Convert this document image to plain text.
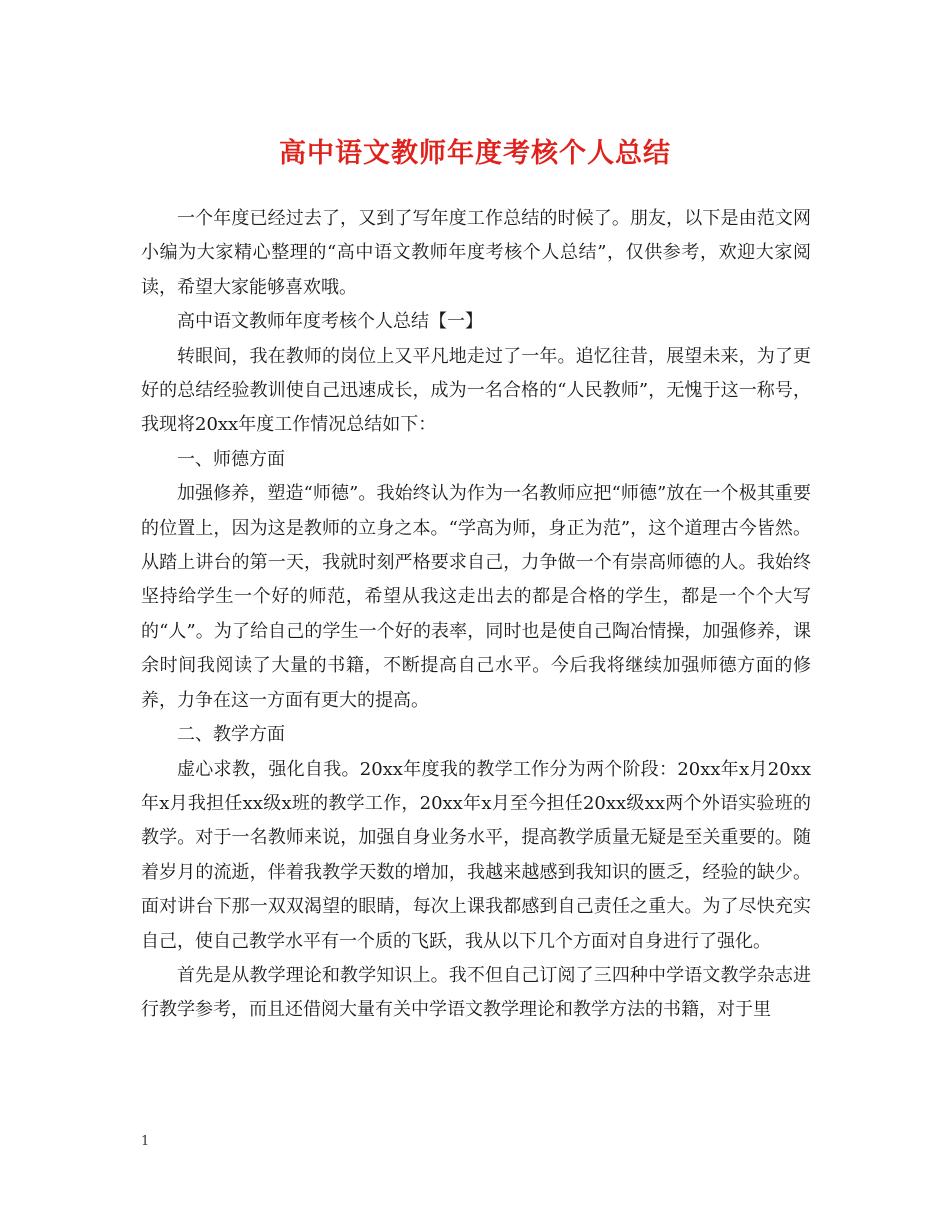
高中语文教师年度考核个人总结

一个年度已经过去了，又到了写年度工作总结的时候了。朋友，以下是由范文网小编为大家精心整理的“高中语文教师年度考核个人总结”，仅供参考，欢迎大家阅读，希望大家能够喜欢哦。

高中语文教师年度考核个人总结【一】

转眼间，我在教师的岗位上又平凡地走过了一年。追忆往昔，展望未来，为了更好的总结经验教训使自己迅速成长，成为一名合格的“人民教师”，无愧于这一称号，我现将20xx年度工作情况总结如下：

一、师德方面

加强修养，塑造“师德”。我始终认为作为一名教师应把“师德”放在一个极其重要的位置上，因为这是教师的立身之本。“学高为师，身正为范”，这个道理古今皆然。从踏上讲台的第一天，我就时刻严格要求自己，力争做一个有崇高师德的人。我始终坚持给学生一个好的师范，希望从我这走出去的都是合格的学生，都是一个个大写的“人”。为了给自己的学生一个好的表率，同时也是使自己陶冶情操，加强修养，课余时间我阅读了大量的书籍，不断提高自己水平。今后我将继续加强师德方面的修养，力争在这一方面有更大的提高。

二、教学方面

虚心求教，强化自我。20xx年度我的教学工作分为两个阶段：20xx年x月20xx年x月我担任xx级x班的教学工作，20xx年x月至今担任20xx级xx两个外语实验班的教学。对于一名教师来说，加强自身业务水平，提高教学质量无疑是至关重要的。随着岁月的流逝，伴着我教学天数的增加，我越来越感到我知识的匮乏，经验的缺少。面对讲台下那一双双渴望的眼睛，每次上课我都感到自己责任之重大。为了尽快充实自己，使自己教学水平有一个质的飞跃，我从以下几个方面对自身进行了强化。

首先是从教学理论和教学知识上。我不但自己订阅了三四种中学语文教学杂志进行教学参考，而且还借阅大量有关中学语文教学理论和教学方法的书籍，对于里

1
